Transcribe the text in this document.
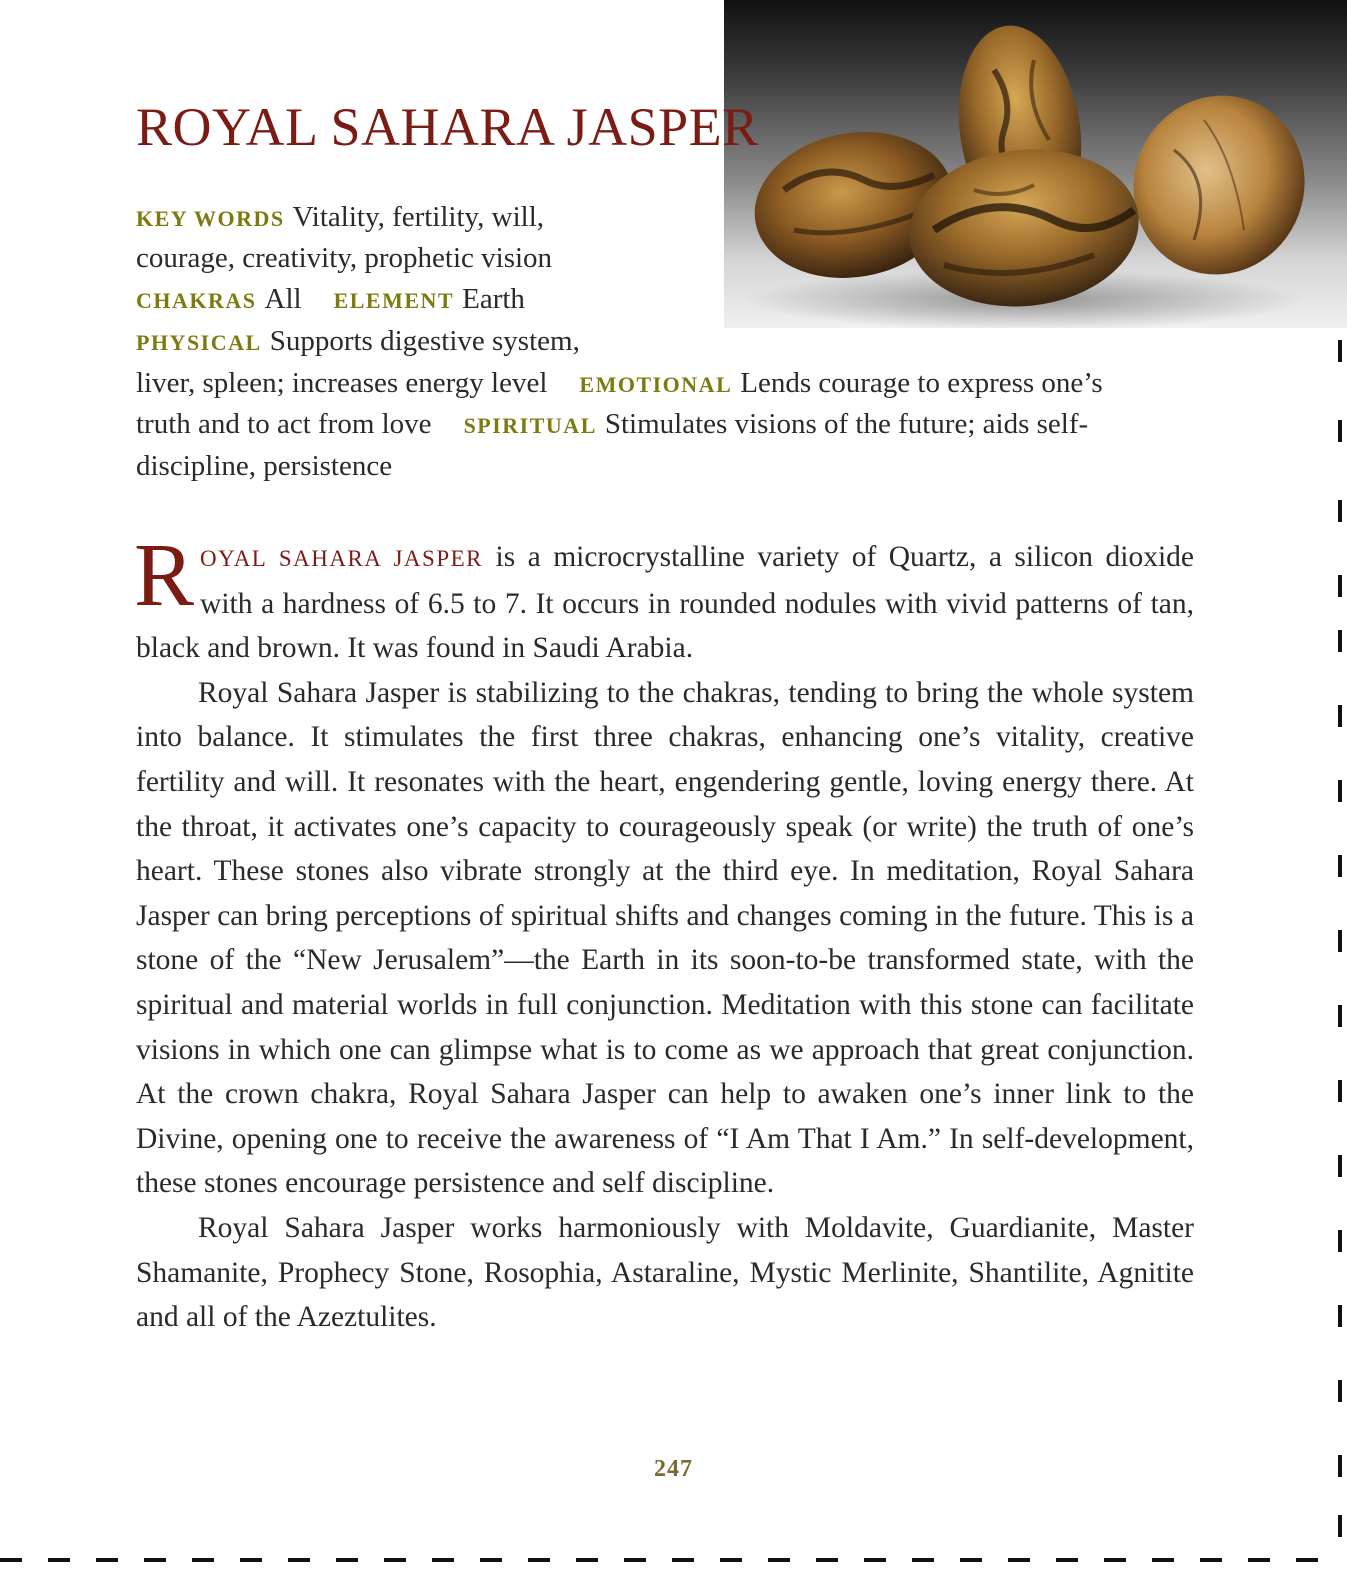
ROYAL SAHARA JASPER
KEY WORDS Vitality, fertility, will,
courage, creativity, prophetic vision
CHAKRAS All ELEMENT Earth
PHYSICAL Supports digestive system,
liver, spleen; increases energy level EMOTIONAL Lends courage to express one’s
truth and to act from love SPIRITUAL Stimulates visions of the future; aids self-
discipline, persistence

ROYAL SAHARA JASPER is a microcrystalline variety of Quartz, a silicon dioxide with a hardness of 6.5 to 7. It occurs in rounded nodules with vivid patterns of tan, black and brown. It was found in Saudi Arabia.

Royal Sahara Jasper is stabilizing to the chakras, tending to bring the whole system into balance. It stimulates the first three chakras, enhancing one’s vitality, creative fertility and will. It resonates with the heart, engendering gentle, loving energy there. At the throat, it activates one’s capacity to courageously speak (or write) the truth of one’s heart. These stones also vibrate strongly at the third eye. In meditation, Royal Sahara Jasper can bring perceptions of spiritual shifts and changes coming in the future. This is a stone of the “New Jerusalem”—the Earth in its soon-to-be transformed state, with the spiritual and material worlds in full conjunction. Meditation with this stone can facilitate visions in which one can glimpse what is to come as we approach that great conjunction. At the crown chakra, Royal Sahara Jasper can help to awaken one’s inner link to the Divine, opening one to receive the awareness of “I Am That I Am.” In self-development, these stones encourage persistence and self discipline.

Royal Sahara Jasper works harmoniously with Moldavite, Guardianite, Master Shamanite, Prophecy Stone, Rosophia, Astaraline, Mystic Merlinite, Shantilite, Agnitite and all of the Azeztulites.

247
